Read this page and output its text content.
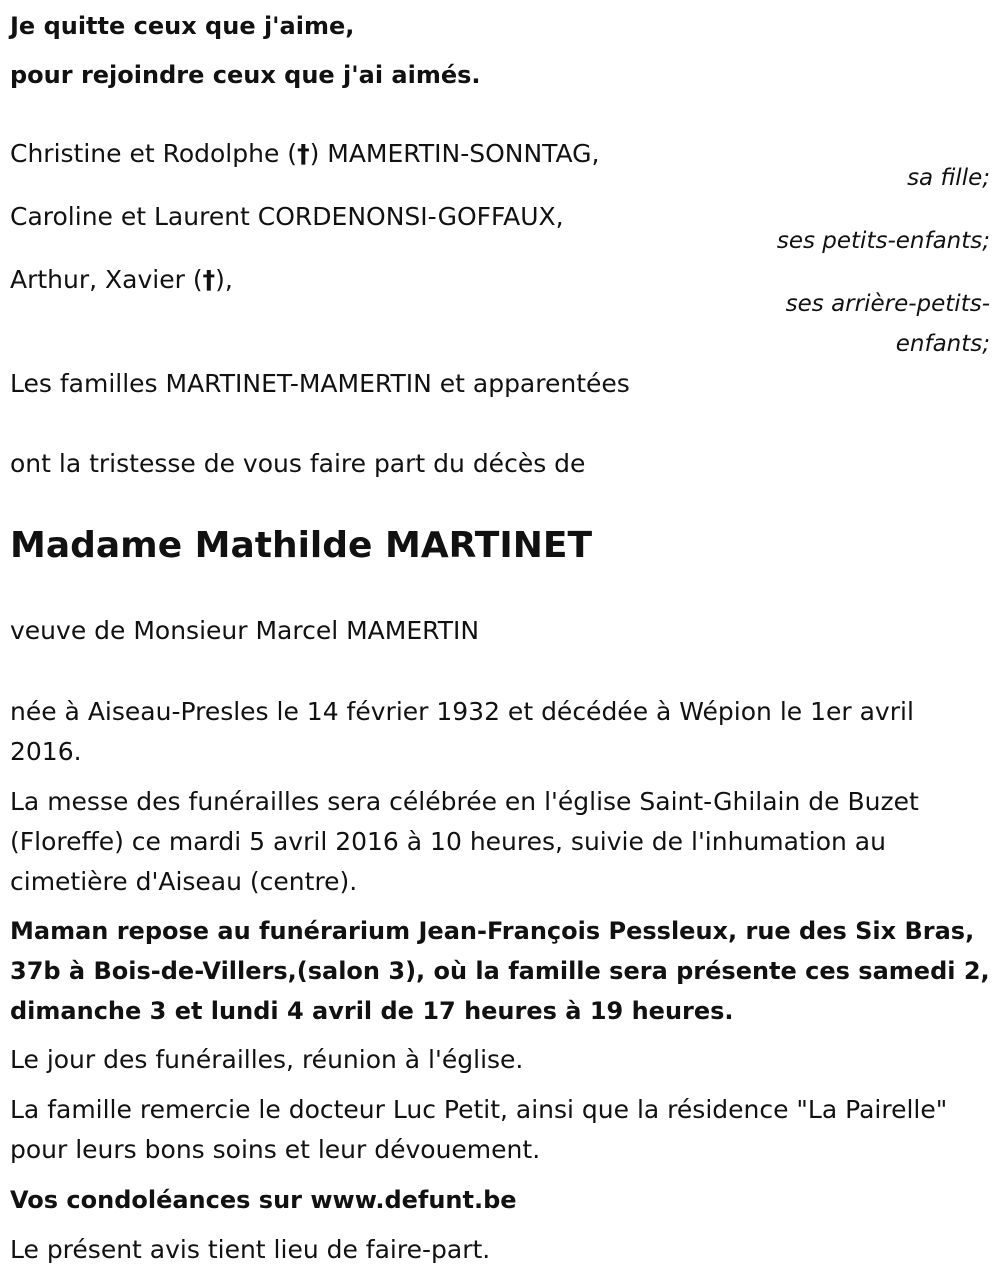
Je quitte ceux que j'aime,
pour rejoindre ceux que j'ai aimés.
Christine et Rodolphe (†) MAMERTIN-SONNTAG,
sa fille;
Caroline et Laurent CORDENONSI-GOFFAUX,
ses petits-enfants;
Arthur, Xavier (†),
ses arrière-petits-
enfants;
Les familles MARTINET-MAMERTIN et apparentées
ont la tristesse de vous faire part du décès de
Madame Mathilde MARTINET
veuve de Monsieur Marcel MAMERTIN
née à Aiseau-Presles le 14 février 1932 et décédée à Wépion le 1er avril 2016.
La messe des funérailles sera célébrée en l'église Saint-Ghilain de Buzet (Floreffe) ce mardi 5 avril 2016 à 10 heures, suivie de l'inhumation au cimetière d'Aiseau (centre).
Maman repose au funérarium Jean-François Pessleux, rue des Six Bras, 37b à Bois-de-Villers,(salon 3), où la famille sera présente ces samedi 2, dimanche 3 et lundi 4 avril de 17 heures à 19 heures.
Le jour des funérailles, réunion à l'église.
La famille remercie le docteur Luc Petit, ainsi que la résidence "La Pairelle" pour leurs bons soins et leur dévouement.
Vos condoléances sur www.defunt.be
Le présent avis tient lieu de faire-part.
